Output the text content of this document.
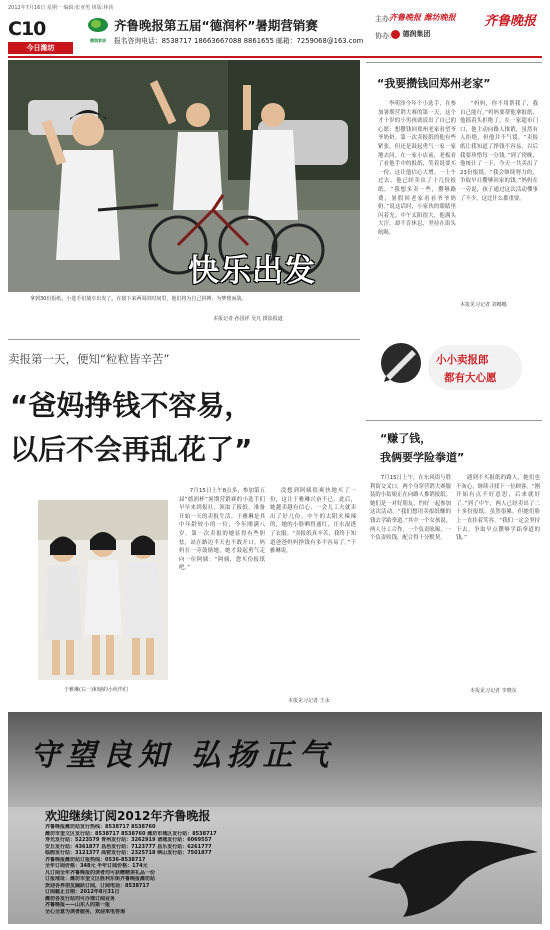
2012年7月16日 星期一 编辑:张亚男 组版:林侠
C10
今日潍坊
德润家居
齐鲁晚报第五届“德润杯”暑期营销赛
报名咨询电话：8538717 18663667088 8861655 邮箱：725906​8@163.com
主办:
齐鲁晚报 潍坊晚报
协办:	德润集团
齐鲁晚报
快乐出发
拿到30份报纸，小选手们骑车出发了。在接下来两周的时间里，他们将为自己拼搏，为梦想而战。
本报记者 孙国祥 吴凡 摄影报道
“我要攒钱回郑州老家”

李明泽今年个小选手，在参加暑期营销大赛的第一天，这个才十岁的小男孩就说出了自己的心愿：想攒钱回郑州老家看望爷爷奶奶。第一次卖报纸的他有些紧张，但还是鼓起勇气一家一家地去问。在一家小店前，老板看了看他手中的报纸，笑着说要买一份，这让他信心大增。一上午过去，他已经卖出了十几份报纸。“我想多卖一些，攒够路费，暑假回老家看看爷爷奶奶。”说这话时，小家伙的眼睛里闪着光。中午太阳很大，他满头大汗，却不肯休息，坚持在街头吆喝。

“妈妈，你不用帮我了，我自己能行。”妈妈要帮他拿报纸，他摇着头拒绝了。在一家超市门口，他主动向路人推销，虽然有人拒绝，但他并不气馁。“卖报纸让我知道了挣钱不容易，以后我要珍惜每一分钱。”到了傍晚，他统计了一下，今天一共卖出了23份报纸。“我会继续努力的，争取早日攒够回家的钱。”妈妈在一旁说，孩子通过这次活动懂事了不少，这比什么都重要。

本报见习记者 刘娜娜
小小卖报郎
都有大心愿
卖报第一天，便知“粒粒皆辛苦”
“爸妈挣钱不容易，
以后不会再乱花了”
于雅琳(右一)和她的小伙伴们

7月15日上午8点多，参加第五届“德润杯”暑期营销赛的小选手们早早来到报社，领取了报纸，准备开始一天的卖报生活。于雅琳是其中年龄较小的一位，今年刚满八岁。第一次卖报的她显得有些胆怯，站在路边半天也不敢开口。妈妈在一旁鼓励她，她才鼓起勇气走向一位阿姨：“阿姨，您买份报纸吧。”

没想到阿姨很爽快地买了一份，这让于雅琳兴奋不已。此后，她越卖越有信心，一会儿工夫就卖出了好几份。中午的太阳火辣辣的，她的小脸晒得通红，汗水湿透了衣服。“卖报纸真辛苦，我终于知道爸爸妈妈挣钱有多不容易了。”于雅琳说。

本报见习记者 王永
“赚了钱，
我俩要学险拳道”

7月15日上午，在东风街与胜利街交叉口，两个身穿营销大赛服装的小姑娘正在向路人推销报纸。她们是一对好朋友，约好一起参加这次活动。“我们想用卖报纸赚的钱去学跆拳道。”其中一个女孩说。两人分工合作，一个负责吆喝，一个负责收钱，配合得十分默契。

遇到不买报纸的路人，她们也不灰心，继续寻找下一位顾客。“刚开始有点不好意思，后来就好了。”到了中午，两人已经卖出了二十多份报纸。虽然很累，但她们脸上一直挂着笑容。“我们一定会坚持下去，争取早点攒够学跆拳道的钱。”

本报见习记者 李晓东
守望良知 弘扬正气
欢迎继续订阅2012年齐鲁晚报
齐鲁晚报潍坊站发行热线：8538717 8538760
潍坊市奎文区发行站：8538717 8538760 潍坊市城区发行站：8538717
寿光发行站：5223579 青州发行站：3262919 诸城发行站：6069557
安丘发行站：4361877 昌邑发行站：7123777 昌乐发行站：6261777
临朐发行站：3121377 高密发行站：2325718 峡山发行站：7501877
齐鲁晚报潍坊站订报热线：0536-8538717
全年订阅价格：348元 半年订阅价格：174元
凡订阅全年齐鲁晚报的读者均可获赠精美礼品一份
订报地址：潍坊市奎文区胜利东街齐鲁晚报潍坊站
欢迎各界朋友踊跃订阅，订阅电话：8538717
订阅截止日期：2012年8月31日
潍坊各发行站均可办理订阅业务
齐鲁晚报——山东人的第一报
全心全意为读者服务，欢迎来电咨询
